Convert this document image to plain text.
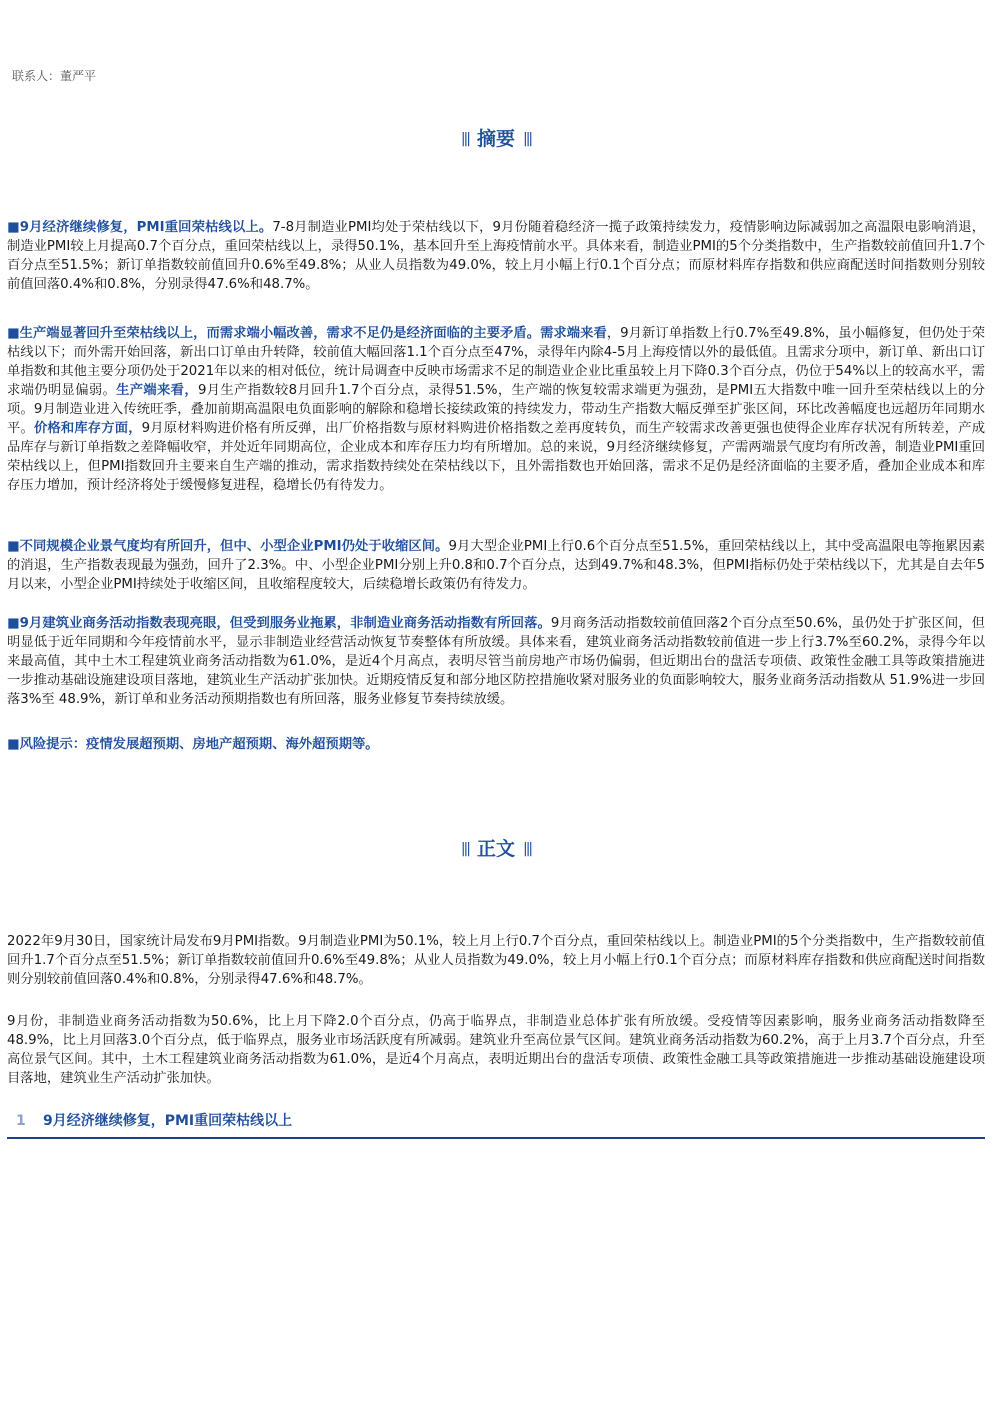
联系人：董严平
||| 摘要 |||
■9月经济继续修复，PMI重回荣枯线以上。7-8月制造业PMI均处于荣枯线以下，9月份随着稳经济一揽子政策持续发力，疫情影响边际减弱加之高温限电影响消退，制造业PMI较上月提高0.7个百分点，重回荣枯线以上，录得50.1%，基本回升至上海疫情前水平。具体来看，制造业PMI的5个分类指数中，生产指数较前值回升1.7个百分点至51.5%；新订单指数较前值回升0.6%至49.8%；从业人员指数为49.0%，较上月小幅上行0.1个百分点；而原材料库存指数和供应商配送时间指数则分别较前值回落0.4%和0.8%，分别录得47.6%和48.7%。
■生产端显著回升至荣枯线以上，而需求端小幅改善，需求不足仍是经济面临的主要矛盾。需求端来看，9月新订单指数上行0.7%至49.8%，虽小幅修复，但仍处于荣枯线以下；而外需开始回落，新出口订单由升转降，较前值大幅回落1.1个百分点至47%，录得年内除4-5月上海疫情以外的最低值。且需求分项中，新订单、新出口订单指数和其他主要分项仍处于2021年以来的相对低位，统计局调查中反映市场需求不足的制造业企业比重虽较上月下降0.3个百分点，仍位于54%以上的较高水平，需求端仍明显偏弱。生产端来看，9月生产指数较8月回升1.7个百分点，录得51.5%，生产端的恢复较需求端更为强劲，是PMI五大指数中唯一回升至荣枯线以上的分项。9月制造业进入传统旺季，叠加前期高温限电负面影响的解除和稳增长接续政策的持续发力，带动生产指数大幅反弹至扩张区间，环比改善幅度也远超历年同期水平。价格和库存方面，9月原材料购进价格有所反弹，出厂价格指数与原材料购进价格指数之差再度转负，而生产较需求改善更强也使得企业库存状况有所转差，产成品库存与新订单指数之差降幅收窄，并处近年同期高位，企业成本和库存压力均有所增加。总的来说，9月经济继续修复，产需两端景气度均有所改善，制造业PMI重回荣枯线以上，但PMI指数回升主要来自生产端的推动，需求指数持续处在荣枯线以下，且外需指数也开始回落，需求不足仍是经济面临的主要矛盾，叠加企业成本和库存压力增加，预计经济将处于缓慢修复进程，稳增长仍有待发力。
■不同规模企业景气度均有所回升，但中、小型企业PMI仍处于收缩区间。9月大型企业PMI上行0.6个百分点至51.5%，重回荣枯线以上，其中受高温限电等拖累因素的消退，生产指数表现最为强劲，回升了2.3%。中、小型企业PMI分别上升0.8和0.7个百分点，达到49.7%和48.3%，但PMI指标仍处于荣枯线以下，尤其是自去年5月以来，小型企业PMI持续处于收缩区间，且收缩程度较大，后续稳增长政策仍有待发力。
■9月建筑业商务活动指数表现亮眼，但受到服务业拖累，非制造业商务活动指数有所回落。9月商务活动指数较前值回落2个百分点至50.6%，虽仍处于扩张区间，但明显低于近年同期和今年疫情前水平，显示非制造业经营活动恢复节奏整体有所放缓。具体来看，建筑业商务活动指数较前值进一步上行3.7%至60.2%，录得今年以来最高值，其中土木工程建筑业商务活动指数为61.0%，是近4个月高点，表明尽管当前房地产市场仍偏弱，但近期出台的盘活专项债、政策性金融工具等政策措施进一步推动基础设施建设项目落地，建筑业生产活动扩张加快。近期疫情反复和部分地区防控措施收紧对服务业的负面影响较大，服务业商务活动指数从 51.9%进一步回落3%至 48.9%，新订单和业务活动预期指数也有所回落，服务业修复节奏持续放缓。
■风险提示：疫情发展超预期、房地产超预期、海外超预期等。
||| 正文 |||
2022年9月30日，国家统计局发布9月PMI指数。9月制造业PMI为50.1%，较上月上行0.7个百分点，重回荣枯线以上。制造业PMI的5个分类指数中，生产指数较前值回升1.7个百分点至51.5%；新订单指数较前值回升0.6%至49.8%；从业人员指数为49.0%，较上月小幅上行0.1个百分点；而原材料库存指数和供应商配送时间指数则分别较前值回落0.4%和0.8%，分别录得47.6%和48.7%。
9月份，非制造业商务活动指数为50.6%，比上月下降2.0个百分点，仍高于临界点，非制造业总体扩张有所放缓。受疫情等因素影响，服务业商务活动指数降至48.9%，比上月回落3.0个百分点，低于临界点，服务业市场活跃度有所减弱。建筑业升至高位景气区间。建筑业商务活动指数为60.2%，高于上月3.7个百分点，升至高位景气区间。其中，土木工程建筑业商务活动指数为61.0%，是近4个月高点，表明近期出台的盘活专项债、政策性金融工具等政策措施进一步推动基础设施建设项目落地，建筑业生产活动扩张加快。
1 9月经济继续修复，PMI重回荣枯线以上
